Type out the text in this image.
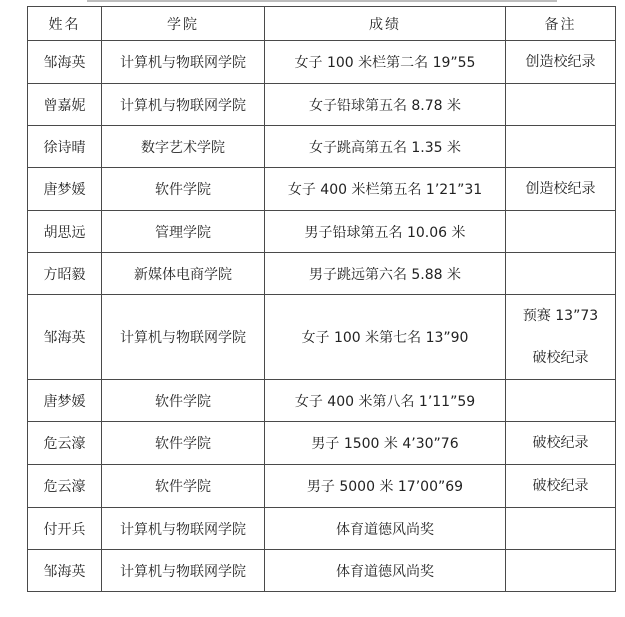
姓名	学院	成绩	备注
邹海英	计算机与物联网学院	女子 100 米栏第二名 19”55	创造校纪录

曾嘉妮	计算机与物联网学院	女子铅球第五名 8.78 米	
徐诗晴	数字艺术学院	女子跳高第五名 1.35 米	
唐梦媛	软件学院	女子 400 米栏第五名 1’21”31	创造校纪录

胡思远	管理学院	男子铅球第五名 10.06 米	
方昭毅	新媒体电商学院	男子跳远第六名 5.88 米	
邹海英	计算机与物联网学院	女子 100 米第七名 13”90	预赛 13”73
破校纪录

唐梦媛	软件学院	女子 400 米第八名 1’11”59	
危云濠	软件学院	男子 1500 米 4’30”76	破校纪录

危云濠	软件学院	男子 5000 米 17’00”69	破校纪录

付开兵	计算机与物联网学院	体育道德风尚奖	
邹海英	计算机与物联网学院	体育道德风尚奖	
